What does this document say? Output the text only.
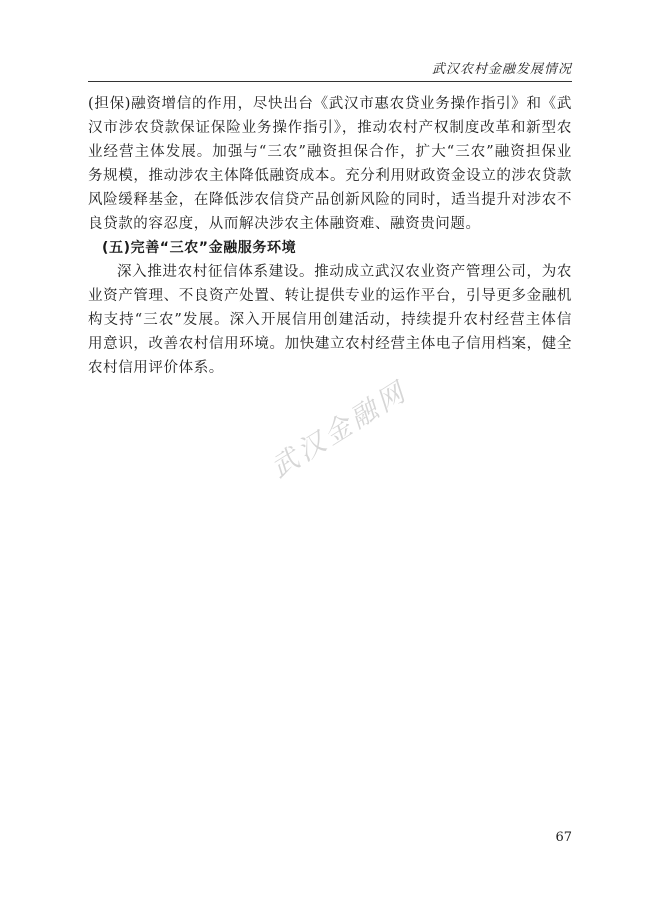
武汉农村金融发展情况

(担保)融资增信的作用，尽快出台《武汉市惠农贷业务操作指引》和《武汉市涉农贷款保证保险业务操作指引》，推动农村产权制度改革和新型农业经营主体发展。加强与“三农”融资担保合作，扩大“三农”融资担保业务规模，推动涉农主体降低融资成本。充分利用财政资金设立的涉农贷款风险缓释基金，在降低涉农信贷产品创新风险的同时，适当提升对涉农不良贷款的容忍度，从而解决涉农主体融资难、融资贵问题。

(五)完善“三农”金融服务环境

深入推进农村征信体系建设。推动成立武汉农业资产管理公司，为农业资产管理、不良资产处置、转让提供专业的运作平台，引导更多金融机构支持“三农”发展。深入开展信用创建活动，持续提升农村经营主体信用意识，改善农村信用环境。加快建立农村经营主体电子信用档案，健全农村信用评价体系。

武汉金融网
67
